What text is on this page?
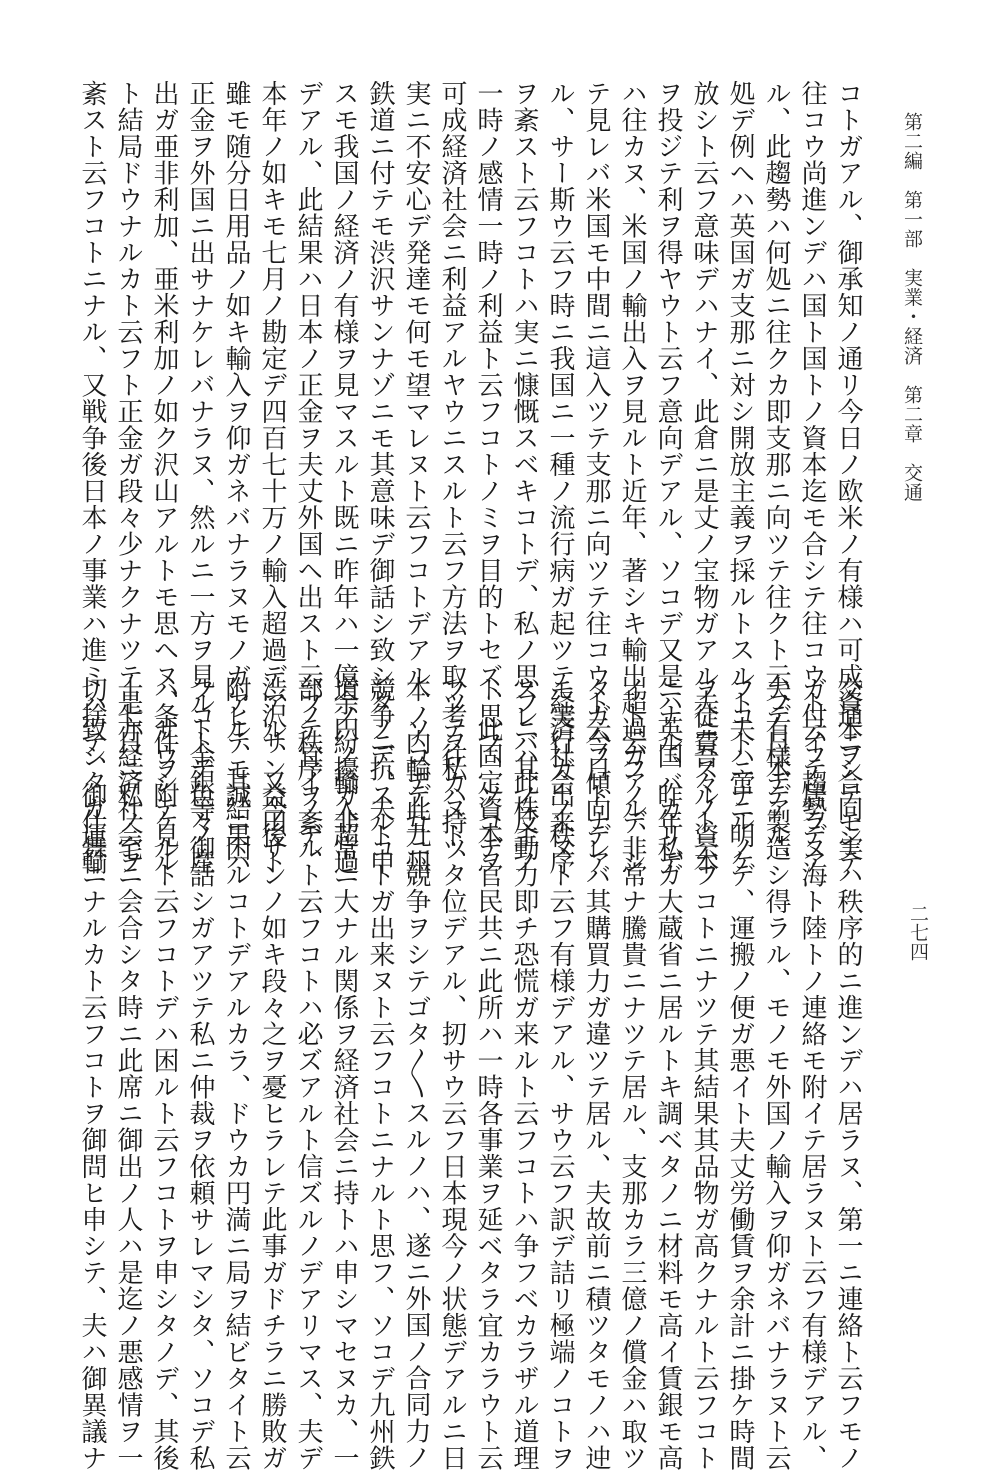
第二編　第一部　実業・経済　第二章　交通
二七四
コトガアル、御承知ノ通リ今日ノ欧米ノ有様ハ可成資本ヲ合同シテ
往コウ尚進ンデハ国ト国トノ資本迄モ合シテ往コウト云フ趨勢デア
ル、此趨勢ハ何処ニ往クカ即支那ニ向ツテ往クト云フ有様デアル、
処デ例ヘハ英国ガ支那ニ対シ開放主義ヲ採ルトスルト夫ハ啻ニ明ケ
放シト云フ意味デハナイ、此倉ニ是丈ノ宝物ガアル夫ニ吾々ノ資本
ヲ投ジテ利ヲ得ヤウト云フ意向デアル、ソコデ又是ハ英国バカリデ
ハ往カヌ、米国ノ輸出入ヲ見ルト近年、著シキ輸出超過ガアル、シ
テ見レバ米国モ中間ニ這入ツテ支那ニ向ツテ往コウト云フ傾向デア
ル、サー斯ウ云フ時ニ我国ニ一種ノ流行病ガ起ツテ経済社会ノ秩序
ヲ紊スト云フコトハ実ニ慷慨スベキコトデ、私ノ思フニハ此株主ノ
一時ノ感情一時ノ利益ト云フコトノミヲ目的トセズ、此固定資本ヲ
可成経済社会ニ利益アルヤウニスルト云フ方法ヲ取ツテ往カヌト、
実ニ不安心デ発達モ何モ望マレヌト云フコトデアル、ソコデ此九州
鉄道ニ付テモ渋沢サンナゾニモ其意味デ御話シ致シタノデ、夫ト申
スモ我国ノ経済ノ有様ヲ見マスルト既ニ昨年ハ一億余円ノ輸入超過
デアル、此結果ハ日本ノ正金ヲ夫丈外国ヘ出スト云フテ宜イノデ、
本年ノ如キモ七月ノ勘定デ四百七十万ノ輸入超過デアル、又今後ト
雖モ随分日用品ノ如キ輸入ヲ仰ガネバナラヌモノガアル、其結果ハ
正金ヲ外国ニ出サナケレバナラヌ、然ルニ一方ヲ見ルト金銀等ノ産
出ガ亜非利加、亜米利加ノ如ク沢山アルトモ思ヘヌ、サウシテ見ル
ト結局ドウナルカト云フト正金ガ段々少ナクナツテ是亦経済社会ヲ
紊スト云フコトニナル、又戦争後日本ノ事業ハ進ミハ致シタガ運輸
交通ニシテモ実ハ秩序的ニ進ンデハ居ラヌ、第一ニ連絡ト云フモノ
ガ付イテ居ラヌ海ト陸トノ連絡モ附イテ居ラヌト云フ有様デアル、
夫デ日本デ製造シ得ラル、モノモ外国ノ輸入ヲ仰ガネバナラヌト云
フコトニナルノデ、運搬ノ便ガ悪イト夫丈労働賃ヲ余計ニ掛ケ時間
ヲ徒費スルト云フコトニナツテ其結果其品物ガ高クナルト云フコト
ニナル、昨年私ガ大蔵省ニ居ルトキ調ベタノニ材料モ高イ賃銀モ高
イト云フノデ非常ナ騰貴ニナツテ居ル、支那カラ三億ノ償金ハ取ツ
タガ今日トナレバ其購買力ガ違ツテ居ル、夫故前ニ積ツタモノハ迚
モ実行ガ出来ヌト云フ有様デアル、サウ云フ訳デ詰リ極端ノコトヲ
スレバ其ノ反動力即チ恐慌ガ来ルト云フコトハ争フベカラザル道理
ト思フ、ソコデ官民共ニ此所ハ一時各事業ヲ延ベタラ宜カラウト云
フ考ヲ私ハ持ツタ位デアル、扨サウ云フ日本現今ノ状態デアルニ日
本ノ内輪デ互ニ競争ヲシテゴタ〳〵スルノハ、遂ニ外国ノ合同力ノ
競争ニ抗スルコトガ出来ヌト云フコトニナルト思フ、ソコデ九州鉄
道ノ紛擾ガ非常ニ大ナル関係ヲ経済社会ニ持トハ申シマセヌカ、一
部ノ秩序ヲ紊ルト云フコトハ必ズアルト信ズルノデアリマス、夫デ
渋沢サン益田サンノ如キ段々之ヲ憂ヒラレテ此事ガドチラニ勝敗ガ
附ヒテモ誠ニ困ルコトデアルカラ、ドウカ円満ニ局ヲ結ビタイト云
フコトデ色々御話シガアツテ私ニ仲裁ヲ依頼サレマシタ、ソコデ私
ハ条件ヲ附ケルト云フコトデハ困ルト云フコトヲ申シタノデ、其後
十七日ニ私ノ宅ニ会合シタ時ニ此席ニ御出ノ人ハ是迄ノ悪感情ヲ一
切捨テ、御仕舞ニナルカト云フコトヲ御問ヒ申シテ、夫ハ御異議ナ
